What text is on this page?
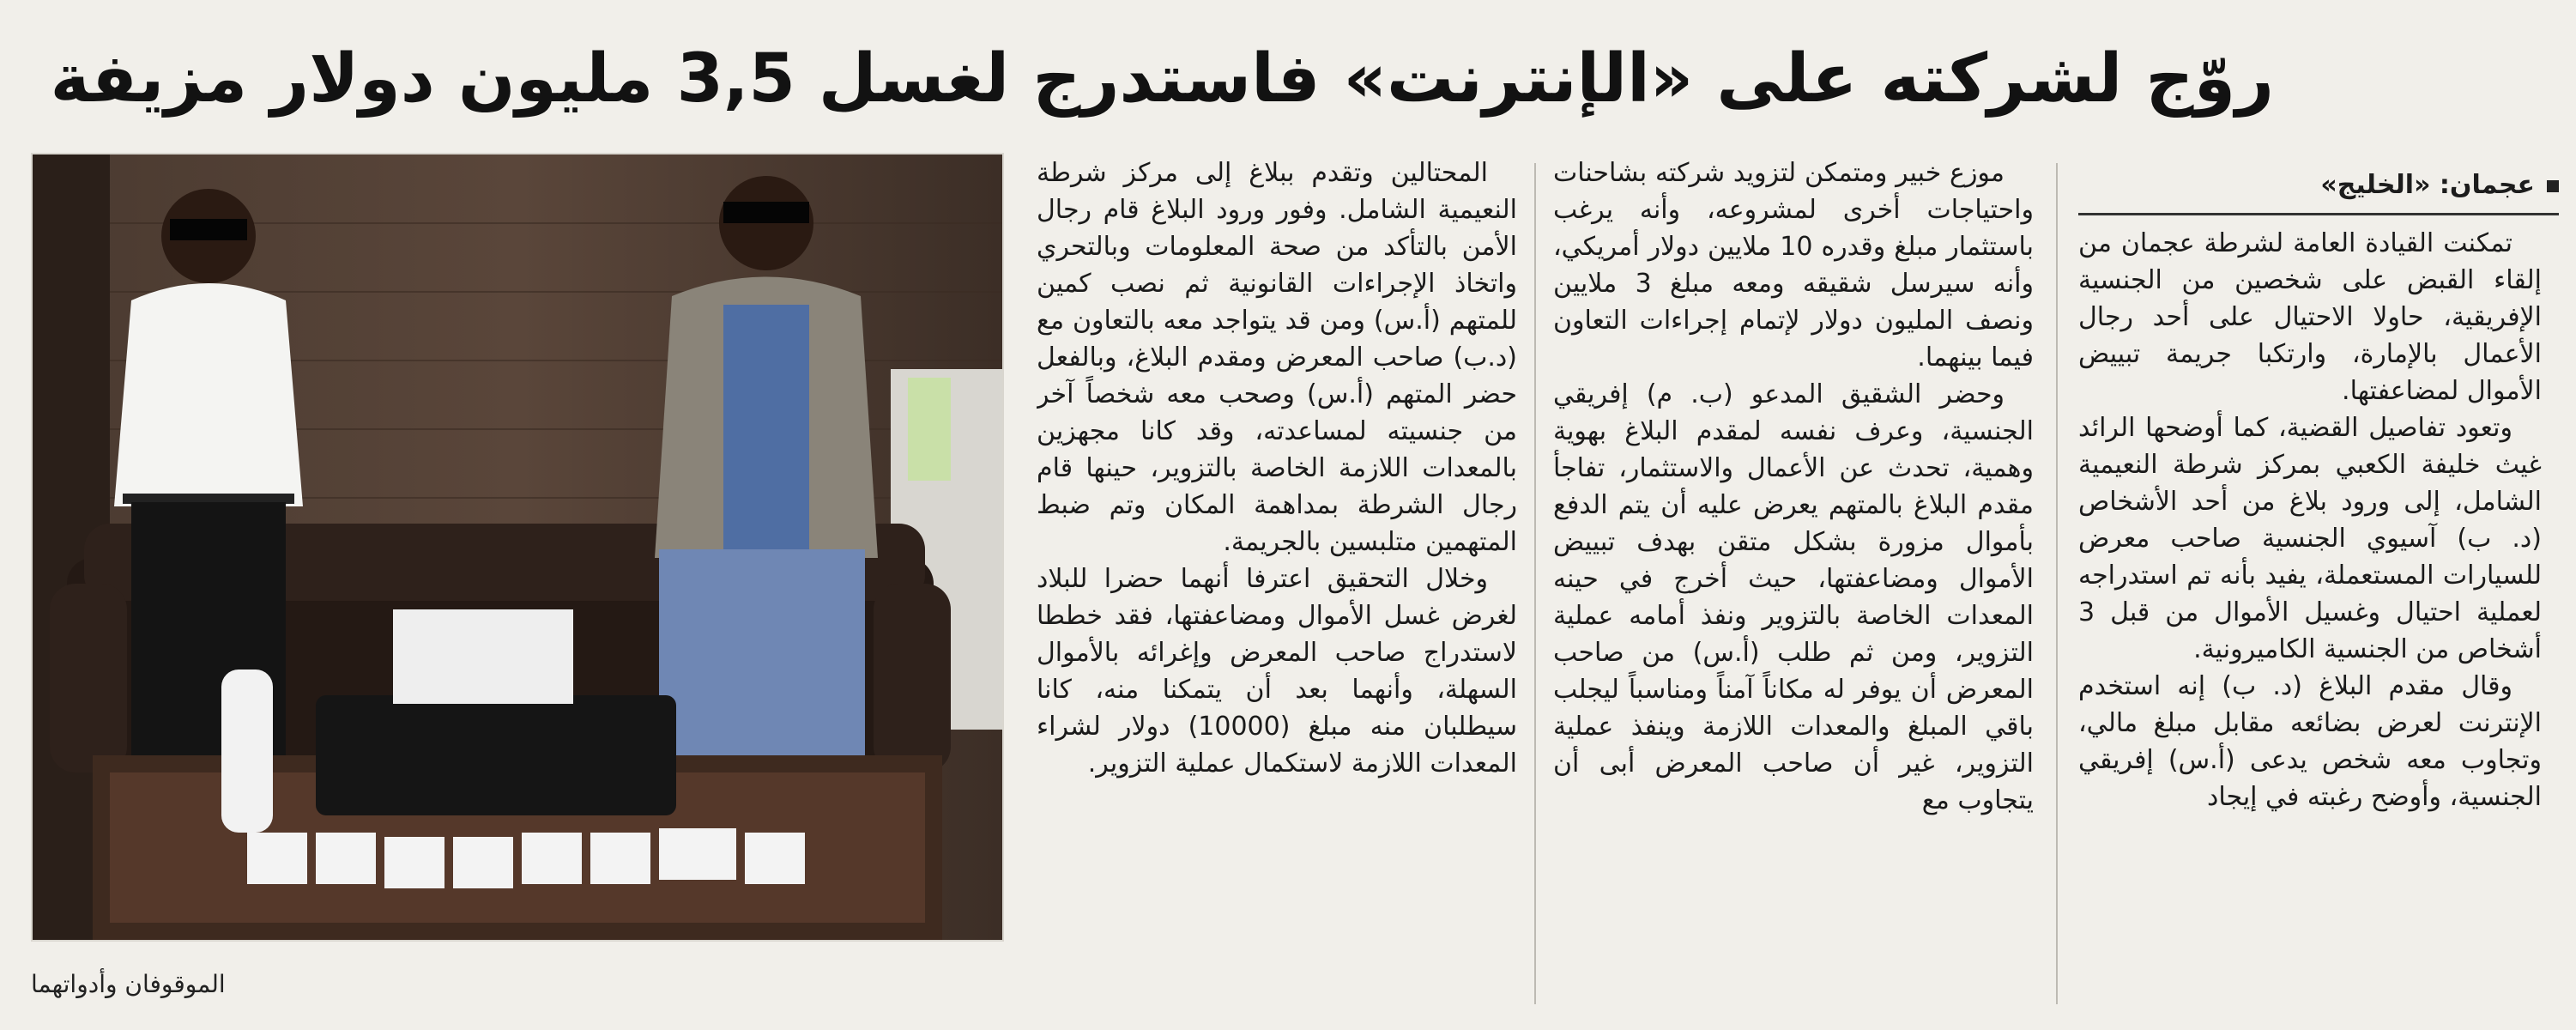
روّج لشركته على «الإنترنت» فاستدرج لغسل 3,5 مليون دولار مزيفة
عجمان: «الخليج»

تمكنت القيادة العامة لشرطة عجمان من إلقاء القبض على شخصين من الجنسية الإفريقية، حاولا الاحتيال على أحد رجال الأعمال بالإمارة، وارتكبا جريمة تبييض الأموال لمضاعفتها.

وتعود تفاصيل القضية، كما أوضحها الرائد غيث خليفة الكعبي بمركز شرطة النعيمية الشامل، إلى ورود بلاغ من أحد الأشخاص (د. ب) آسيوي الجنسية صاحب معرض للسيارات المستعملة، يفيد بأنه تم استدراجه لعملية احتيال وغسيل الأموال من قبل 3 أشخاص من الجنسية الكاميرونية.

وقال مقدم البلاغ (د. ب) إنه استخدم الإنترنت لعرض بضائعه مقابل مبلغ مالي، وتجاوب معه شخص يدعى (أ.س) إفريقي الجنسية، وأوضح رغبته في إيجاد

موزع خبير ومتمكن لتزويد شركته بشاحنات واحتياجات أخرى لمشروعه، وأنه يرغب باستثمار مبلغ وقدره 10 ملايين دولار أمريكي، وأنه سيرسل شقيقه ومعه مبلغ 3 ملايين ونصف المليون دولار لإتمام إجراءات التعاون فيما بينهما.

وحضر الشقيق المدعو (ب. م) إفريقي الجنسية، وعرف نفسه لمقدم البلاغ بهوية وهمية، تحدث عن الأعمال والاستثمار، تفاجأ مقدم البلاغ بالمتهم يعرض عليه أن يتم الدفع بأموال مزورة بشكل متقن بهدف تبييض الأموال ومضاعفتها، حيث أخرج في حينه المعدات الخاصة بالتزوير ونفذ أمامه عملية التزوير، ومن ثم طلب (أ.س) من صاحب المعرض أن يوفر له مكاناً آمناً ومناسباً ليجلب باقي المبلغ والمعدات اللازمة وينفذ عملية التزوير، غير أن صاحب المعرض أبى أن يتجاوب مع

المحتالين وتقدم ببلاغ إلى مركز شرطة النعيمية الشامل. وفور ورود البلاغ قام رجال الأمن بالتأكد من صحة المعلومات وبالتحري واتخاذ الإجراءات القانونية ثم نصب كمين للمتهم (أ.س) ومن قد يتواجد معه بالتعاون مع (د.ب) صاحب المعرض ومقدم البلاغ، وبالفعل حضر المتهم (أ.س) وصحب معه شخصاً آخر من جنسيته لمساعدته، وقد كانا مجهزين بالمعدات اللازمة الخاصة بالتزوير، حينها قام رجال الشرطة بمداهمة المكان وتم ضبط المتهمين متلبسين بالجريمة.

وخلال التحقيق اعترفا أنهما حضرا للبلاد لغرض غسل الأموال ومضاعفتها، فقد خططا لاستدراج صاحب المعرض وإغرائه بالأموال السهلة، وأنهما بعد أن يتمكنا منه، كانا سيطلبان منه مبلغ (10000) دولار لشراء المعدات اللازمة لاستكمال عملية التزوير.

الموقوفان وأدواتهما
